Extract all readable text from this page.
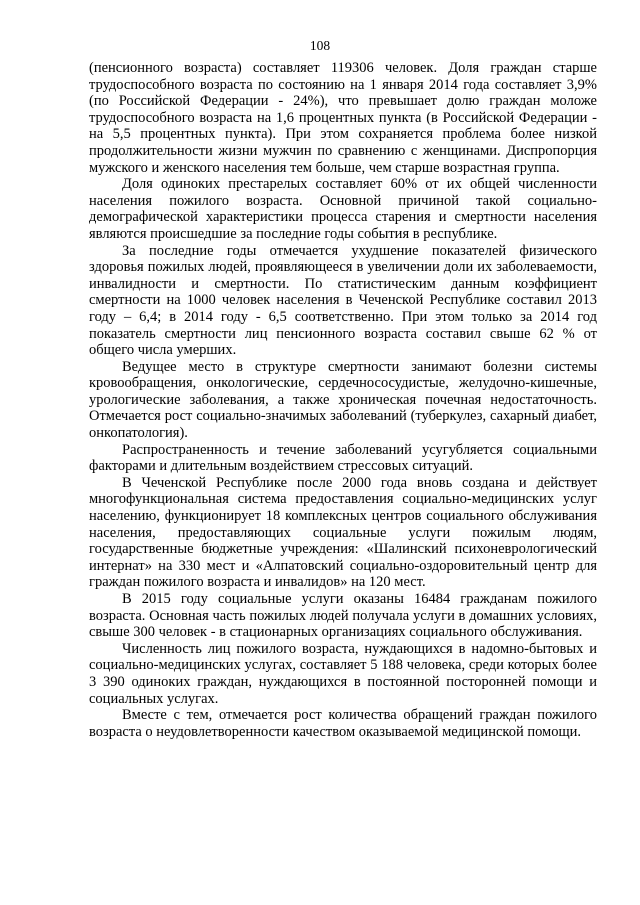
108

(пенсионного возраста) составляет 119306 человек. Доля граждан старше трудоспособного возраста по состоянию на 1 января 2014 года составляет 3,9% (по Российской Федерации - 24%), что превышает долю граждан моложе трудоспособного возраста на 1,6 процентных пункта (в Российской Федерации - на 5,5 процентных пункта). При этом сохраняется проблема более низкой продолжительности жизни мужчин по сравнению с женщинами. Диспропорция мужского и женского населения тем больше, чем старше возрастная группа.

Доля одиноких престарелых составляет 60% от их общей численности населения пожилого возраста. Основной причиной такой социально-демографической характеристики процесса старения и смертности населения являются происшедшие за последние годы события в республике.

За последние годы отмечается ухудшение показателей физического здоровья пожилых людей, проявляющееся в увеличении доли их заболеваемости, инвалидности и смертности. По статистическим данным коэффициент смертности на 1000 человек населения в Чеченской Республике составил 2013 году – 6,4; в 2014 году - 6,5 соответственно. При этом только за 2014 год показатель смертности лиц пенсионного возраста составил свыше 62 % от общего числа умерших.

Ведущее место в структуре смертности занимают болезни системы кровообращения, онкологические, сердечнососудистые, желудочно-кишечные, урологические заболевания, а также хроническая почечная недостаточность. Отмечается рост социально-значимых заболеваний (туберкулез, сахарный диабет, онкопатология).

Распространенность и течение заболеваний усугубляется социальными факторами и длительным воздействием стрессовых ситуаций.

В Чеченской Республике после 2000 года вновь создана и действует многофункциональная система предоставления социально-медицинских услуг населению, функционирует 18 комплексных центров социального обслуживания населения, предоставляющих социальные услуги пожилым людям, государственные бюджетные учреждения: «Шалинский психоневрологический интернат» на 330 мест и «Алпатовский социально-оздоровительный центр для граждан пожилого возраста и инвалидов» на 120 мест.

В 2015 году социальные услуги оказаны 16484 гражданам пожилого возраста. Основная часть пожилых людей получала услуги в домашних условиях, свыше 300 человек - в стационарных организациях социального обслуживания.

Численность лиц пожилого возраста, нуждающихся в надомно-бытовых и социально-медицинских услугах, составляет 5 188 человека, среди которых более 3 390 одиноких граждан, нуждающихся в постоянной посторонней помощи и социальных услугах.

Вместе с тем, отмечается рост количества обращений граждан пожилого возраста о неудовлетворенности качеством оказываемой медицинской помощи.
